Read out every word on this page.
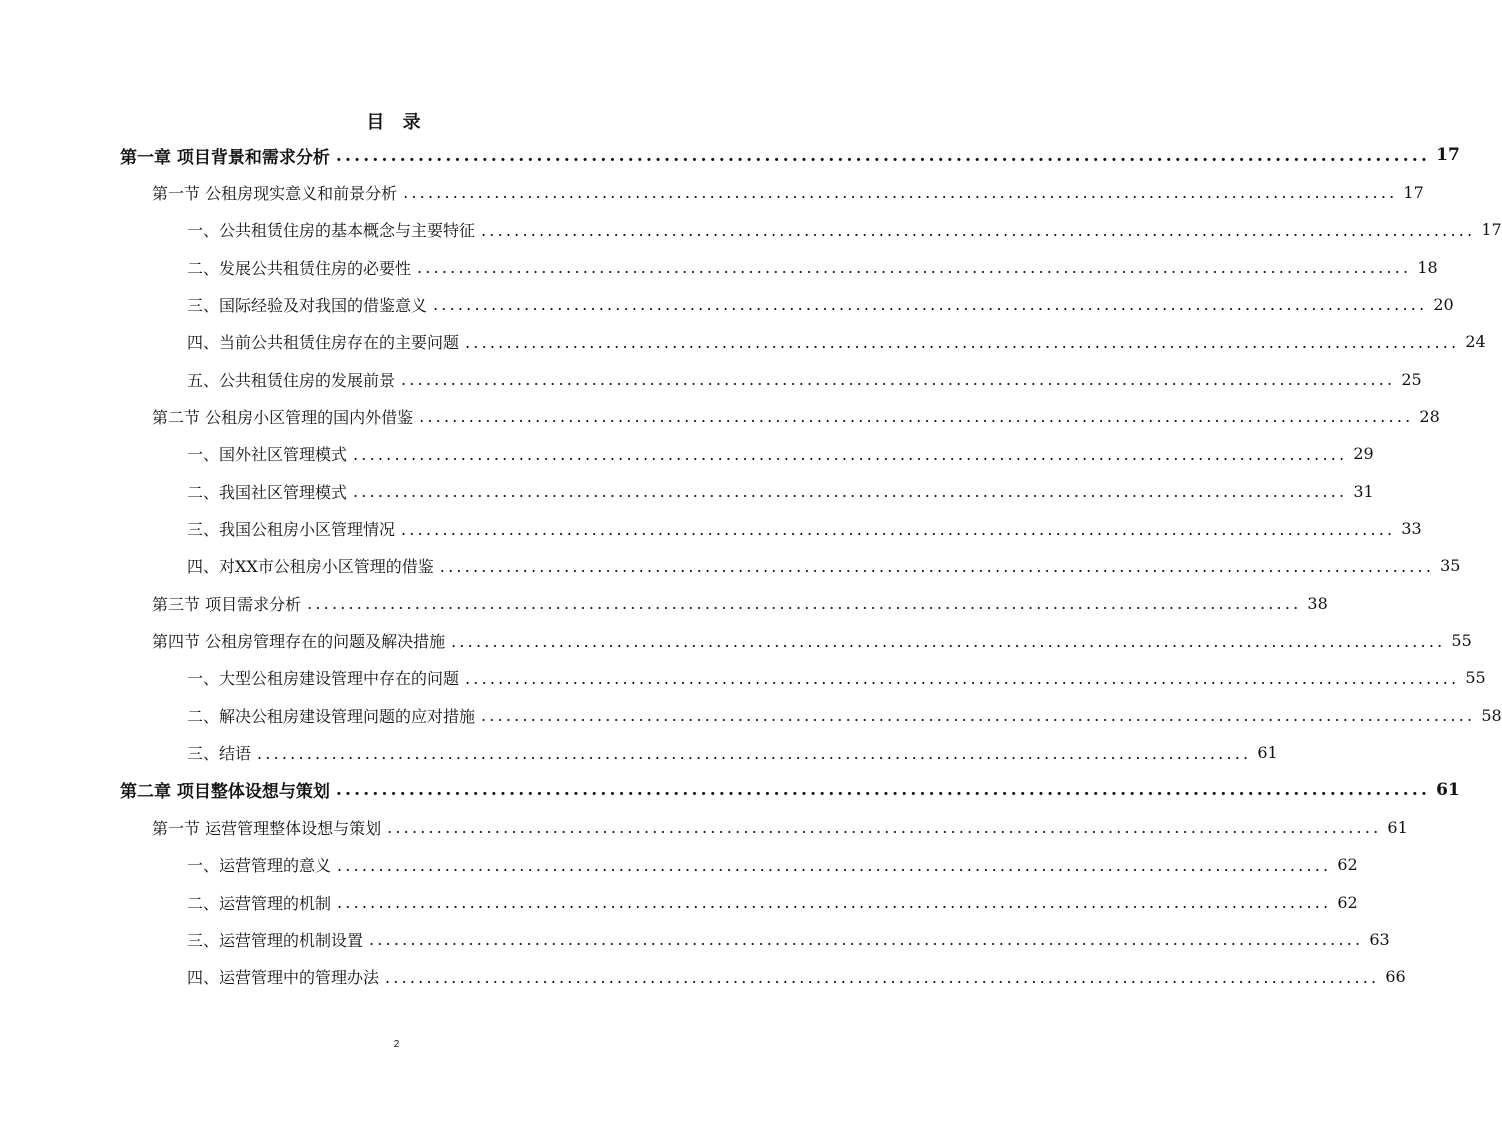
目 录
第一章 项目背景和需求分析 ........................................................................................................................ 17
第一节 公租房现实意义和前景分析 ........................................................................................................................ 17
一、公共租赁住房的基本概念与主要特征 ........................................................................................................................ 17
二、发展公共租赁住房的必要性 ........................................................................................................................ 18
三、国际经验及对我国的借鉴意义 ........................................................................................................................ 20
四、当前公共租赁住房存在的主要问题 ........................................................................................................................ 24
五、公共租赁住房的发展前景 ........................................................................................................................ 25
第二节 公租房小区管理的国内外借鉴 ........................................................................................................................ 28
一、国外社区管理模式 ........................................................................................................................ 29
二、我国社区管理模式 ........................................................................................................................ 31
三、我国公租房小区管理情况 ........................................................................................................................ 33
四、对XX市公租房小区管理的借鉴 ........................................................................................................................ 35
第三节 项目需求分析 ........................................................................................................................ 38
第四节 公租房管理存在的问题及解决措施 ........................................................................................................................ 55
一、大型公租房建设管理中存在的问题 ........................................................................................................................ 55
二、解决公租房建设管理问题的应对措施 ........................................................................................................................ 58
三、结语 ........................................................................................................................ 61
第二章 项目整体设想与策划 ........................................................................................................................ 61
第一节 运营管理整体设想与策划 ........................................................................................................................ 61
一、运营管理的意义 ........................................................................................................................ 62
二、运营管理的机制 ........................................................................................................................ 62
三、运营管理的机制设置 ........................................................................................................................ 63
四、运营管理中的管理办法 ........................................................................................................................ 66
2
